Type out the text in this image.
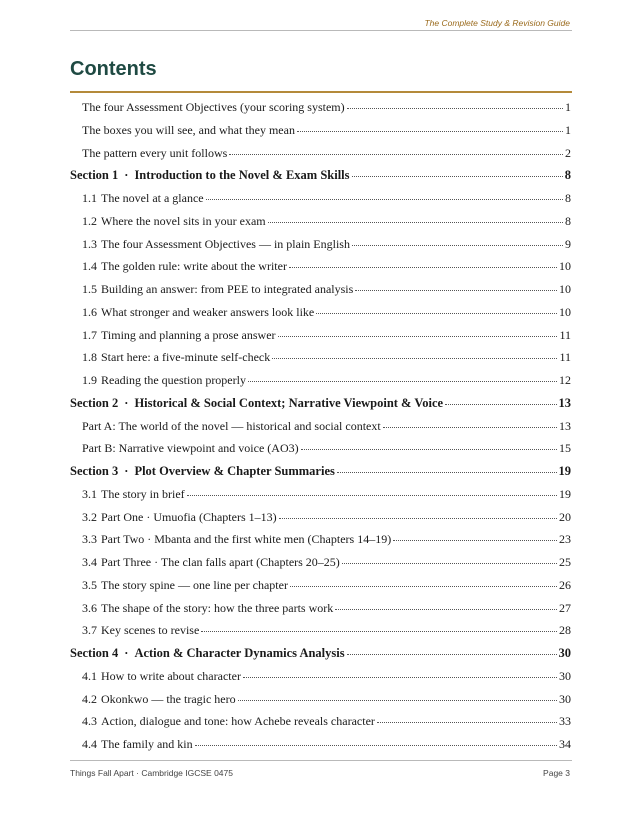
The Complete Study & Revision Guide
Contents
The four Assessment Objectives (your scoring system)	1
The boxes you will see, and what they mean	1
The pattern every unit follows	2
Section 1 · Introduction to the Novel & Exam Skills	8
1.1 The novel at a glance	8
1.2 Where the novel sits in your exam	8
1.3 The four Assessment Objectives — in plain English	9
1.4 The golden rule: write about the writer	10
1.5 Building an answer: from PEE to integrated analysis	10
1.6 What stronger and weaker answers look like	10
1.7 Timing and planning a prose answer	11
1.8 Start here: a five-minute self-check	11
1.9 Reading the question properly	12
Section 2 · Historical & Social Context; Narrative Viewpoint & Voice	13
Part A: The world of the novel — historical and social context	13
Part B: Narrative viewpoint and voice (AO3)	15
Section 3 · Plot Overview & Chapter Summaries	19
3.1 The story in brief	19
3.2 Part One · Umuofia (Chapters 1–13)	20
3.3 Part Two · Mbanta and the first white men (Chapters 14–19)	23
3.4 Part Three · The clan falls apart (Chapters 20–25)	25
3.5 The story spine — one line per chapter	26
3.6 The shape of the story: how the three parts work	27
3.7 Key scenes to revise	28
Section 4 · Action & Character Dynamics Analysis	30
4.1 How to write about character	30
4.2 Okonkwo — the tragic hero	30
4.3 Action, dialogue and tone: how Achebe reveals character	33
4.4 The family and kin	34
Things Fall Apart · Cambridge IGCSE 0475	Page 3
